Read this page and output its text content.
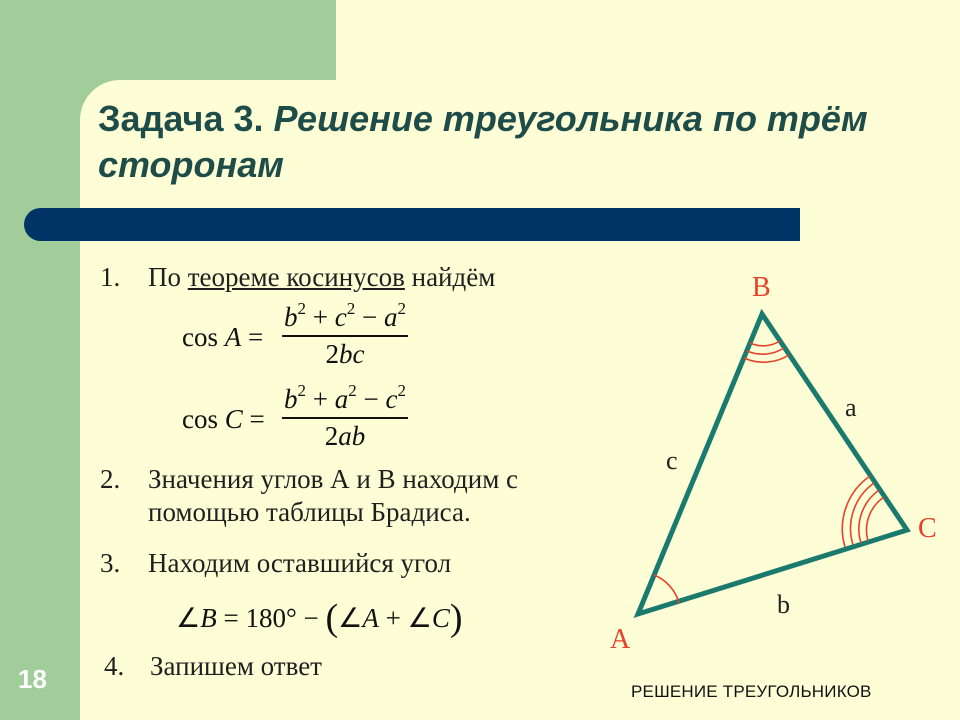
Задача 3. Решение треугольника по трём сторонам
1. По теореме косинусов найдём
$\cos A = \frac{b^2 + c^2 - a^2}{2bc}$
$\cos C = \frac{b^2 + a^2 - c^2}{2ab}$
2. Значения углов А и В находим с
помощью таблицы Брадиса.
3. Находим оставшийся угол
∠B = 180° − (∠A + ∠C)
4. Запишем ответ
B
C
A
a
c
b
18	РЕШЕНИЕ ТРЕУГОЛЬНИКОВ
